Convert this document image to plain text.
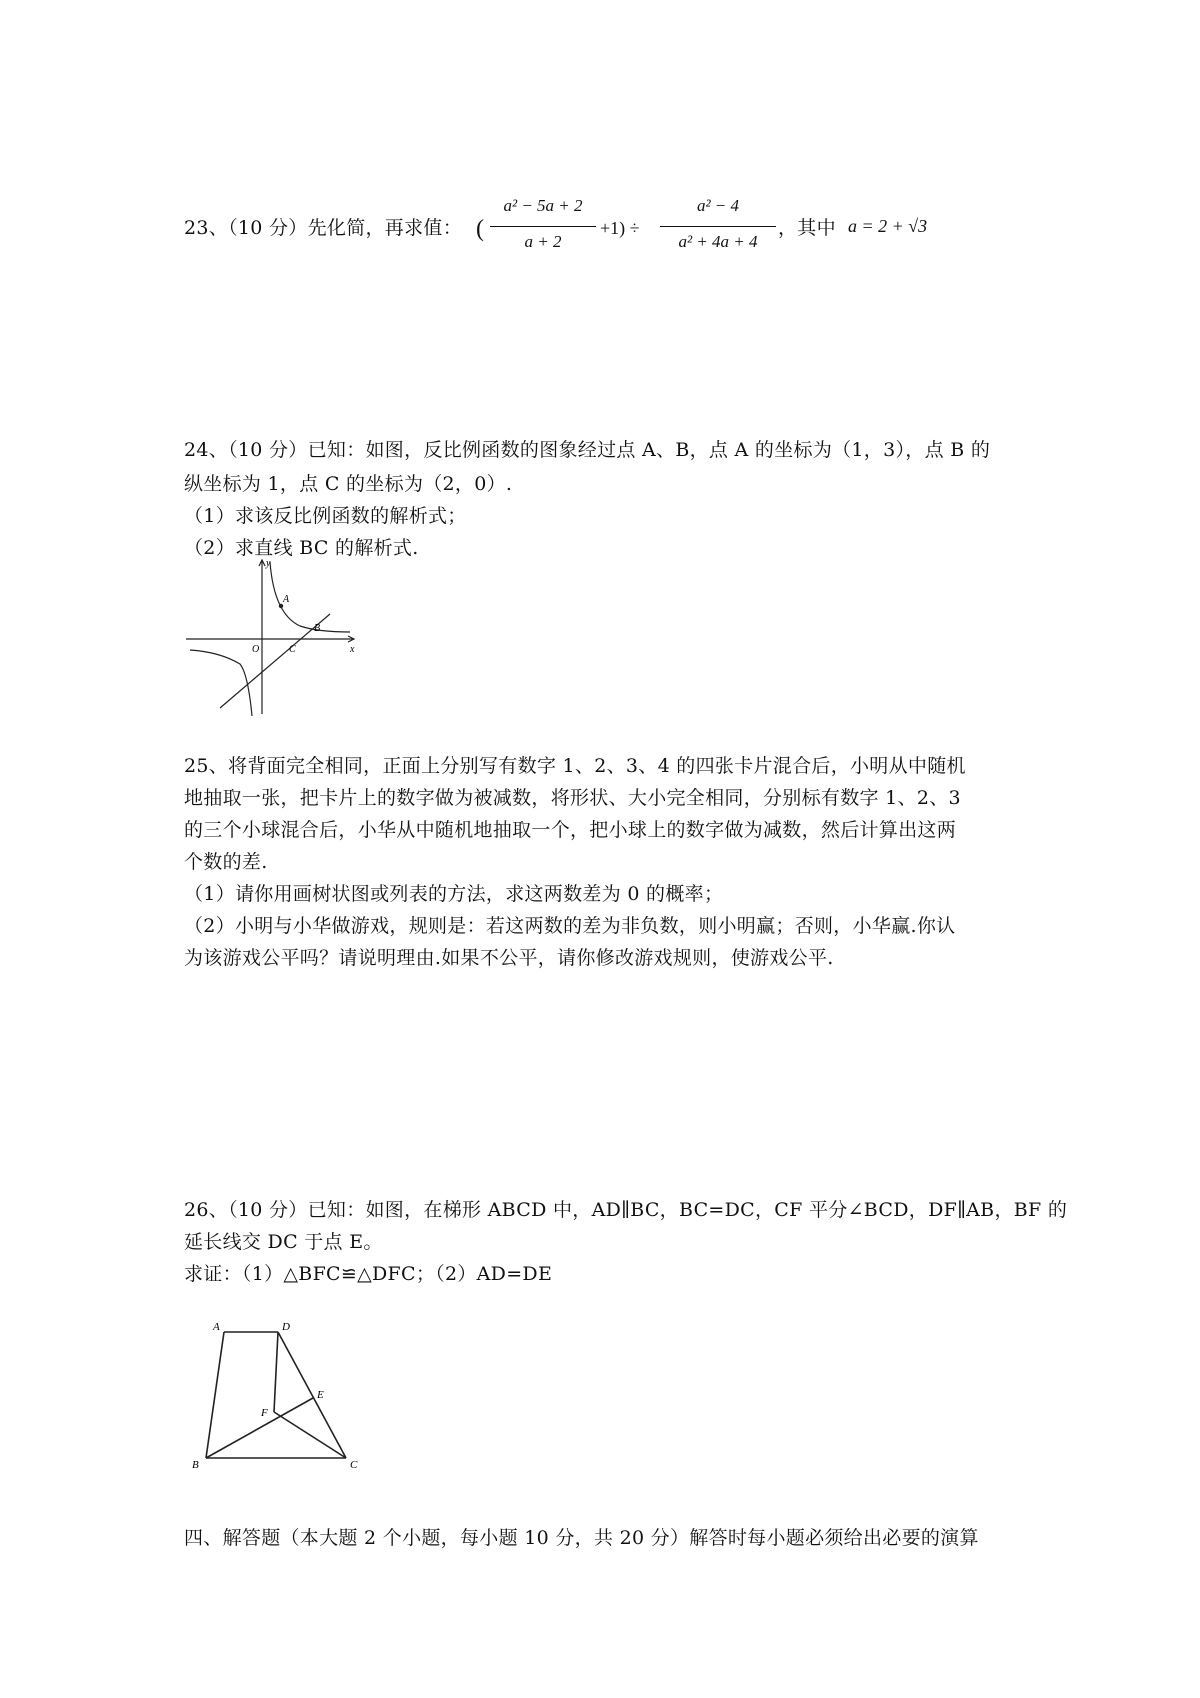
23、（10 分）先化简，再求值： (
a² − 5a + 2
a + 2
+1) ÷
a² − 4
a² + 4a + 4
，其中 a = 2 + √3
24、（10 分）已知：如图，反比例函数的图象经过点 A、B，点 A 的坐标为（1，3），点 B 的
纵坐标为 1，点 C 的坐标为（2，0）.
（1）求该反比例函数的解析式；
（2）求直线 BC 的解析式.
y
A
B
O	C	x
25、将背面完全相同，正面上分别写有数字 1、2、3、4 的四张卡片混合后，小明从中随机
地抽取一张，把卡片上的数字做为被减数，将形状、大小完全相同，分别标有数字 1、2、3
的三个小球混合后，小华从中随机地抽取一个，把小球上的数字做为减数，然后计算出这两
个数的差.
（1）请你用画树状图或列表的方法，求这两数差为 0 的概率；
（2）小明与小华做游戏，规则是：若这两数的差为非负数，则小明赢；否则，小华赢.你认
为该游戏公平吗？请说明理由.如果不公平，请你修改游戏规则，使游戏公平.
26、（10 分）已知：如图，在梯形 ABCD 中，AD∥BC，BC=DC，CF 平分∠BCD，DF∥AB，BF 的
延长线交 DC 于点 E。
求证：（1）△BFC≌△DFC；（2）AD=DE
A	D
E
F
B	C
四、解答题（本大题 2 个小题，每小题 10 分，共 20 分）解答时每小题必须给出必要的演算
